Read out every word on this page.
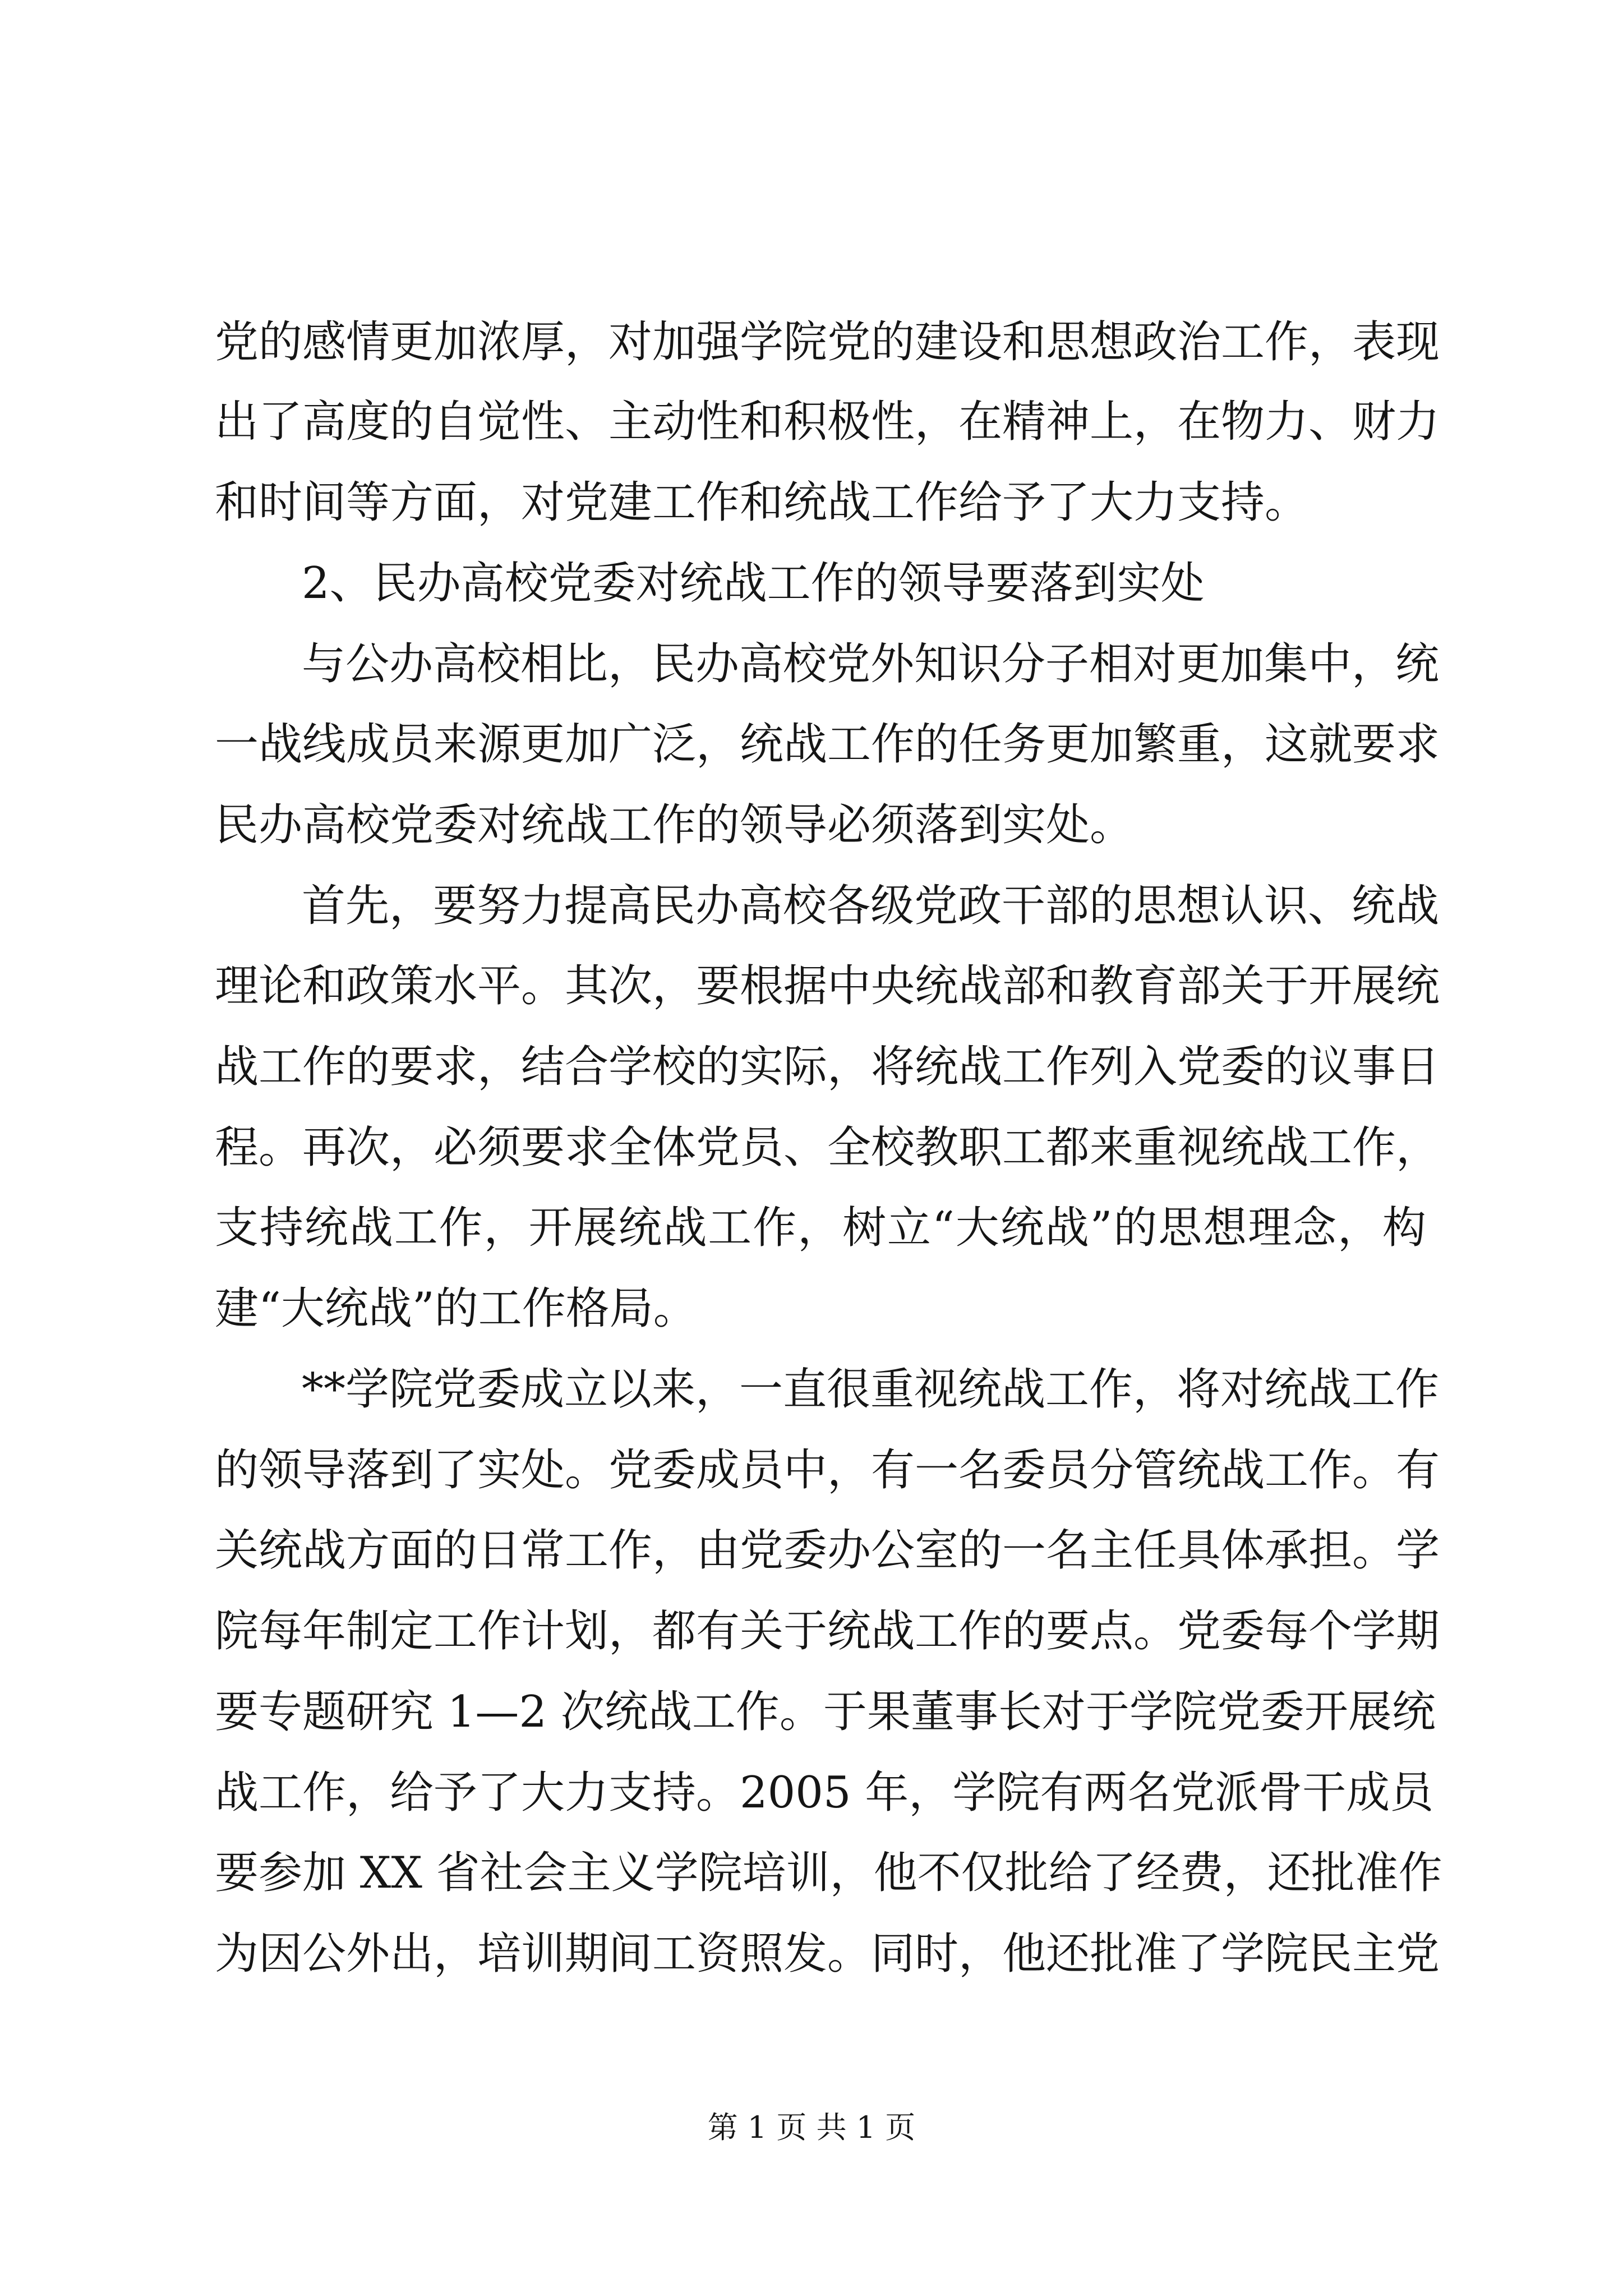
党的感情更加浓厚，对加强学院党的建设和思想政治工作，表现
出了高度的自觉性、主动性和积极性，在精神上，在物力、财力
和时间等方面，对党建工作和统战工作给予了大力支持。
2、民办高校党委对统战工作的领导要落到实处
与公办高校相比，民办高校党外知识分子相对更加集中，统
一战线成员来源更加广泛，统战工作的任务更加繁重，这就要求
民办高校党委对统战工作的领导必须落到实处。
首先，要努力提高民办高校各级党政干部的思想认识、统战
理论和政策水平。其次，要根据中央统战部和教育部关于开展统
战工作的要求，结合学校的实际，将统战工作列入党委的议事日
程。再次，必须要求全体党员、全校教职工都来重视统战工作，
支持统战工作，开展统战工作，树立“大统战”的思想理念，构
建“大统战”的工作格局。
**学院党委成立以来，一直很重视统战工作，将对统战工作
的领导落到了实处。党委成员中，有一名委员分管统战工作。有
关统战方面的日常工作，由党委办公室的一名主任具体承担。学
院每年制定工作计划，都有关于统战工作的要点。党委每个学期
要专题研究 1—2 次统战工作。于果董事长对于学院党委开展统
战工作，给予了大力支持。2005 年，学院有两名党派骨干成员
要参加 XX 省社会主义学院培训，他不仅批给了经费，还批准作
为因公外出，培训期间工资照发。同时，他还批准了学院民主党
第 1 页 共 1 页
